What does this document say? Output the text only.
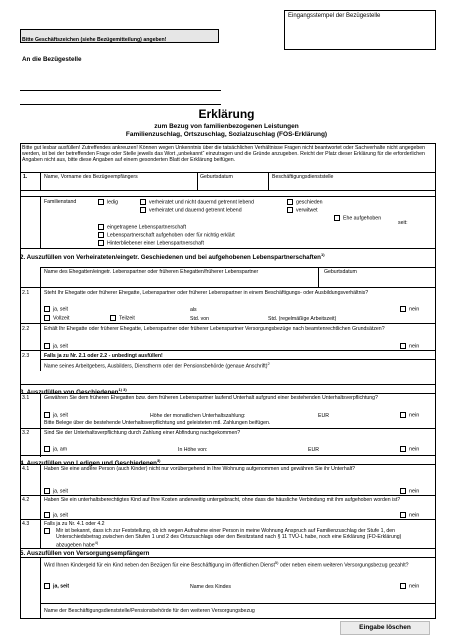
Eingangsstempel der Bezügestelle
Bitte Geschäftszeichen (siehe Bezügemitteilung) angeben!
An die Bezügestelle
Erklärung
zum Bezug von familienbezogenen Leistungen
Familienzuschlag, Ortszuschlag, Sozialzuschlag (FOS-Erklärung)
Bitte gut lesbar ausfüllen! Zutreffendes ankreuzen! Können wegen Unkenntnis über die tatsächlichen Verhältnisse Fragen nicht beantwortet oder Sachverhalte nicht angegeben werden, ist bei der betreffenden Frage oder Stelle jeweils das Wort „unbekannt“ einzutragen und die Gründe anzugeben. Reicht der Platz dieser Erklärung für die erforderlichen Angaben nicht aus, bitte diese Angaben auf einem gesonderten Blatt der Erklärung beifügen.
1.	Name, Vorname des Bezügeempfängers	Geburtsdatum	Beschäftigungsdienststelle
Familienstand	ledig	verheiratet und nicht dauernd getrennt lebend
verheiratet und dauernd getrennt lebend
geschieden
verwitwet
Ehe aufgehoben
seit:
eingetragene Lebenspartnerschaft
Lebenspartnerschaft aufgehoben oder für nichtig erklärt
Hinterbliebener einer Lebenspartnerschaft
2. Auszufüllen von Verheirateten/eingetr. Geschiedenen und bei aufgehobenen Lebenspartnerschaften$^{1)}$
Name des Ehegatten/eingetr. Lebenspartner oder früheren Ehegatten/früherer Lebenspartner	Geburtsdatum
2.1	Steht Ihr Ehegatte oder früherer Ehegatte, Lebenspartner oder früherer Lebenspartner in einem Beschäftigungs- oder Ausbildungsverhältnis?
ja, seit	als	nein
Vollzeit	Teilzeit	Std. von	Std. (regelmäßige Arbeitszeit)
2.2	Erhält Ihr Ehegatte oder früherer Ehegatte, Lebenspartner oder früherer Lebenspartner Versorgungsbezüge nach beamtenrechtlichen Grundsätzen?
ja, seit	nein
2.3	Falls ja zu Nr. 2.1 oder 2.2 - unbedingt ausfüllen!
Name seines Arbeitgebers, Ausbilders, Dienstherrn oder der Pensionsbehörde (genaue Anschrift)$^2$
3. Auszufüllen von Geschiedenen$^{1) 3)}$
3.1	Gewähren Sie dem früheren Ehegatten bzw. dem früheren Lebenspartner laufend Unterhalt aufgrund einer bestehenden Unterhaltsverpflichtung?
ja, seit	Höhe der monatlichen Unterhaltszahlung:	EUR	nein
Bitte Belege über die bestehende Unterhaltsverpflichtung und geleisteten mtl. Zahlungen beifügen.
3.2	Sind Sie der Unterhaltsverpflichtung durch Zahlung einer Abfindung nachgekommen?
ja, am	In Höhe von:	EUR	nein
4. Auszufüllen von Ledigen und Geschiedenen$^{3)}$
4.1	Haben Sie eine andere Person (auch Kinder) nicht nur vorübergehend in Ihre Wohnung aufgenommen und gewähren Sie ihr Unterhalt?
ja, seit	nein
4.2	Haben Sie ein unterhaltsberechtigtes Kind auf Ihre Kosten anderweitig untergebracht, ohne dass die häusliche Verbindung mit ihm aufgehoben worden ist?
ja, seit	nein
4.3	Falls ja zu Nr. 4.1 oder 4.2
Mir ist bekannt, dass ich zur Feststellung, ob ich wegen Aufnahme einer Person in meine Wohnung Anspruch auf Familienzuschlag der Stufe 1, den Unterschiedsbetrag zwischen den Stufen 1 und 2 des Ortszuschlags oder den Besitzstand nach § 11 TVÜ-L habe, noch eine Erklärung (FO-Erklärung) abzugeben habe$^{4)}$
5. Auszufüllen von Versorgungsempfängern
Wird Ihnen Kindergeld für ein Kind neben den Bezügen für eine Beschäftigung im öffentlichen Dienst$^{5)}$ oder neben einem weiteren Versorgungsbezug gezahlt?
ja, seit	Name des Kindes	nein
Name der Beschäftigungsdienststelle/Pensionsbehörde für den weiteren Versorgungsbezug
Eingabe löschen
